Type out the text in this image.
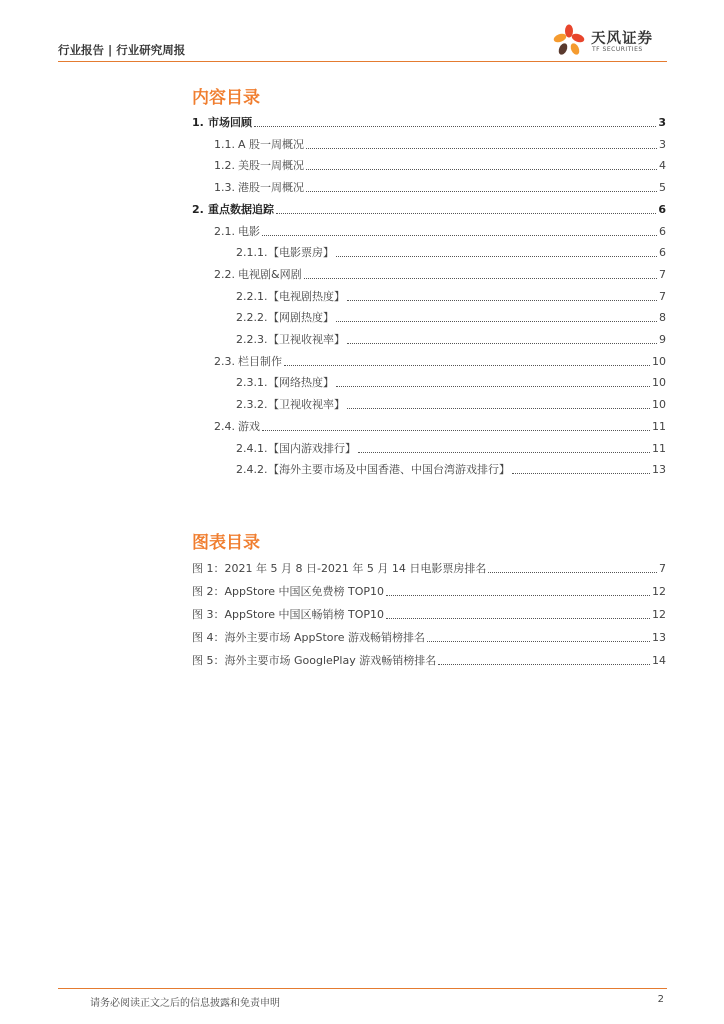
行业报告 | 行业研究周报
天风证券
TF SECURITIES
内容目录
1. 市场回顾	3
1.1. A 股一周概况	3
1.2. 美股一周概况	4
1.3. 港股一周概况	5
2. 重点数据追踪	6
2.1. 电影	6
2.1.1. 【电影票房】	6
2.2. 电视剧&网剧	7
2.2.1. 【电视剧热度】	7
2.2.2. 【网剧热度】	8
2.2.3. 【卫视收视率】	9
2.3. 栏目制作	10
2.3.1. 【网络热度】	10
2.3.2. 【卫视收视率】	10
2.4. 游戏	11
2.4.1. 【国内游戏排行】	11
2.4.2. 【海外主要市场及中国香港、中国台湾游戏排行】	13
图表目录
图 1：2021 年 5 月 8 日-2021 年 5 月 14 日电影票房排名	7
图 2：AppStore 中国区免费榜 TOP10	12
图 3：AppStore 中国区畅销榜 TOP10	12
图 4：海外主要市场 AppStore 游戏畅销榜排名	13
图 5：海外主要市场 GooglePlay 游戏畅销榜排名	14
请务必阅读正文之后的信息披露和免责申明	2
